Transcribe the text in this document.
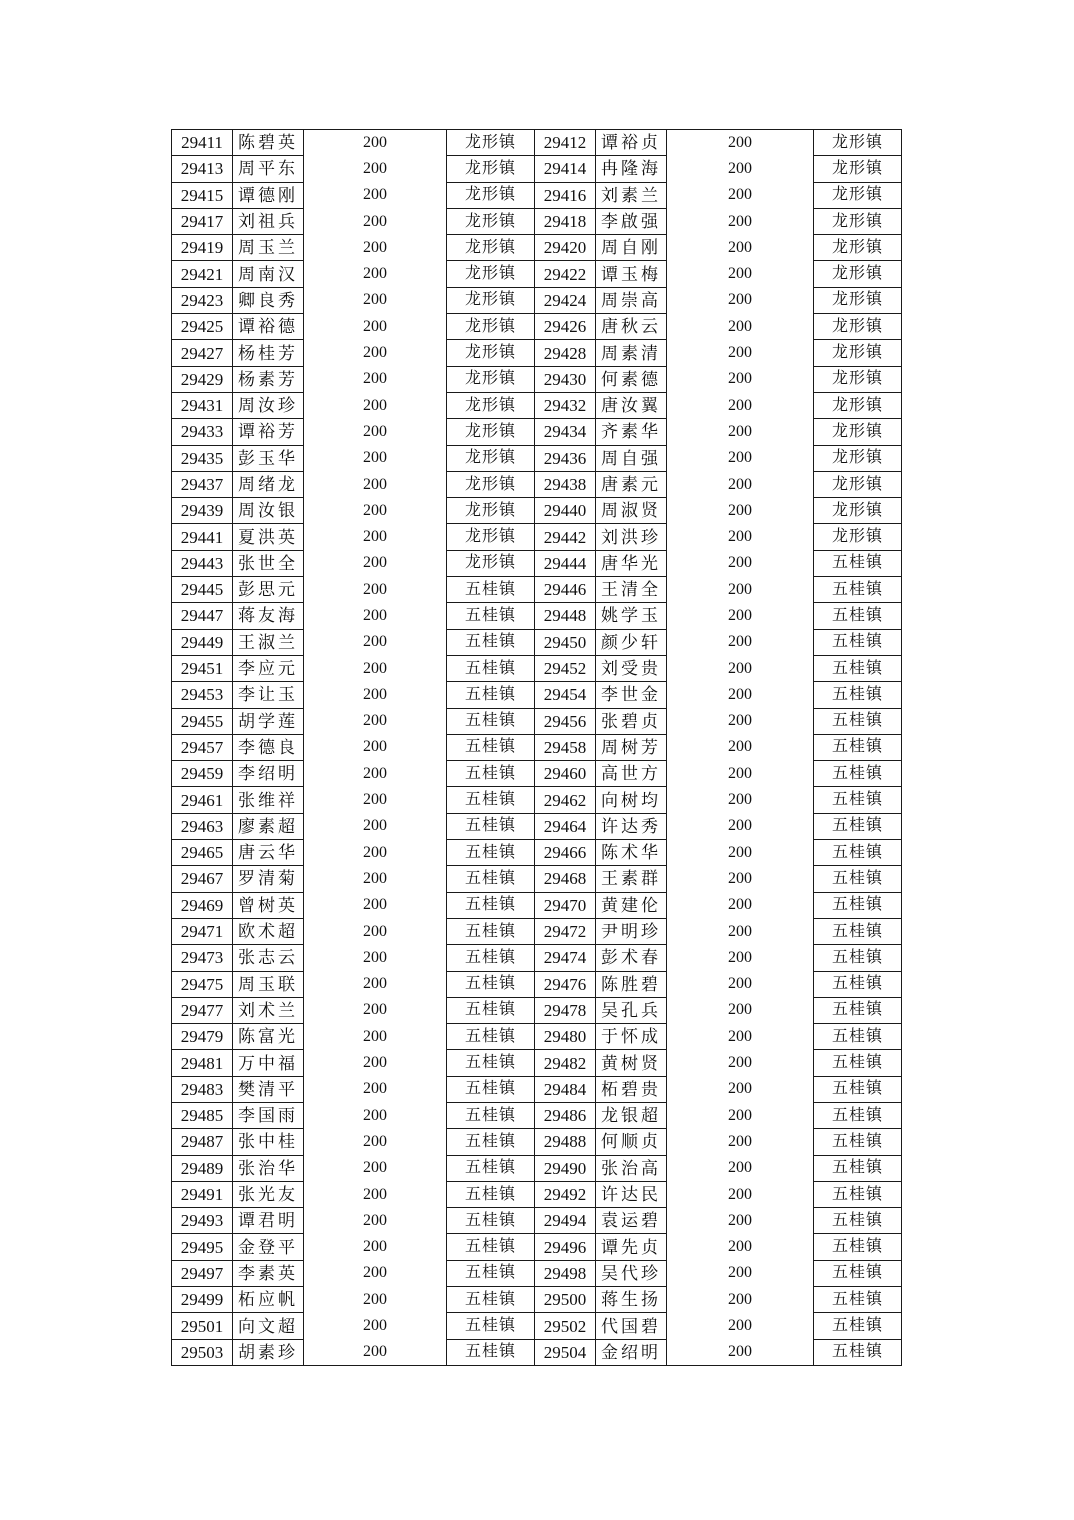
29411	陈碧英	200	龙形镇	29412	谭裕贞	200	龙形镇
29413	周平东	200	龙形镇	29414	冉隆海	200	龙形镇
29415	谭德刚	200	龙形镇	29416	刘素兰	200	龙形镇
29417	刘祖兵	200	龙形镇	29418	李啟强	200	龙形镇
29419	周玉兰	200	龙形镇	29420	周自刚	200	龙形镇
29421	周南汉	200	龙形镇	29422	谭玉梅	200	龙形镇
29423	卿良秀	200	龙形镇	29424	周崇高	200	龙形镇
29425	谭裕德	200	龙形镇	29426	唐秋云	200	龙形镇
29427	杨桂芳	200	龙形镇	29428	周素清	200	龙形镇
29429	杨素芳	200	龙形镇	29430	何素德	200	龙形镇
29431	周汝珍	200	龙形镇	29432	唐汝翼	200	龙形镇
29433	谭裕芳	200	龙形镇	29434	齐素华	200	龙形镇
29435	彭玉华	200	龙形镇	29436	周自强	200	龙形镇
29437	周绪龙	200	龙形镇	29438	唐素元	200	龙形镇
29439	周汝银	200	龙形镇	29440	周淑贤	200	龙形镇
29441	夏洪英	200	龙形镇	29442	刘洪珍	200	龙形镇
29443	张世全	200	龙形镇	29444	唐华光	200	五桂镇
29445	彭思元	200	五桂镇	29446	王清全	200	五桂镇
29447	蒋友海	200	五桂镇	29448	姚学玉	200	五桂镇
29449	王淑兰	200	五桂镇	29450	颜少轩	200	五桂镇
29451	李应元	200	五桂镇	29452	刘受贵	200	五桂镇
29453	李让玉	200	五桂镇	29454	李世金	200	五桂镇
29455	胡学莲	200	五桂镇	29456	张碧贞	200	五桂镇
29457	李德良	200	五桂镇	29458	周树芳	200	五桂镇
29459	李绍明	200	五桂镇	29460	高世方	200	五桂镇
29461	张维祥	200	五桂镇	29462	向树均	200	五桂镇
29463	廖素超	200	五桂镇	29464	许达秀	200	五桂镇
29465	唐云华	200	五桂镇	29466	陈术华	200	五桂镇
29467	罗清菊	200	五桂镇	29468	王素群	200	五桂镇
29469	曾树英	200	五桂镇	29470	黄建伦	200	五桂镇
29471	欧术超	200	五桂镇	29472	尹明珍	200	五桂镇
29473	张志云	200	五桂镇	29474	彭术春	200	五桂镇
29475	周玉联	200	五桂镇	29476	陈胜碧	200	五桂镇
29477	刘术兰	200	五桂镇	29478	吴孔兵	200	五桂镇
29479	陈富光	200	五桂镇	29480	于怀成	200	五桂镇
29481	万中福	200	五桂镇	29482	黄树贤	200	五桂镇
29483	樊清平	200	五桂镇	29484	柘碧贵	200	五桂镇
29485	李国雨	200	五桂镇	29486	龙银超	200	五桂镇
29487	张中桂	200	五桂镇	29488	何顺贞	200	五桂镇
29489	张治华	200	五桂镇	29490	张治高	200	五桂镇
29491	张光友	200	五桂镇	29492	许达民	200	五桂镇
29493	谭君明	200	五桂镇	29494	袁运碧	200	五桂镇
29495	金登平	200	五桂镇	29496	谭先贞	200	五桂镇
29497	李素英	200	五桂镇	29498	吴代珍	200	五桂镇
29499	柘应帆	200	五桂镇	29500	蒋生扬	200	五桂镇
29501	向文超	200	五桂镇	29502	代国碧	200	五桂镇
29503	胡素珍	200	五桂镇	29504	金绍明	200	五桂镇
